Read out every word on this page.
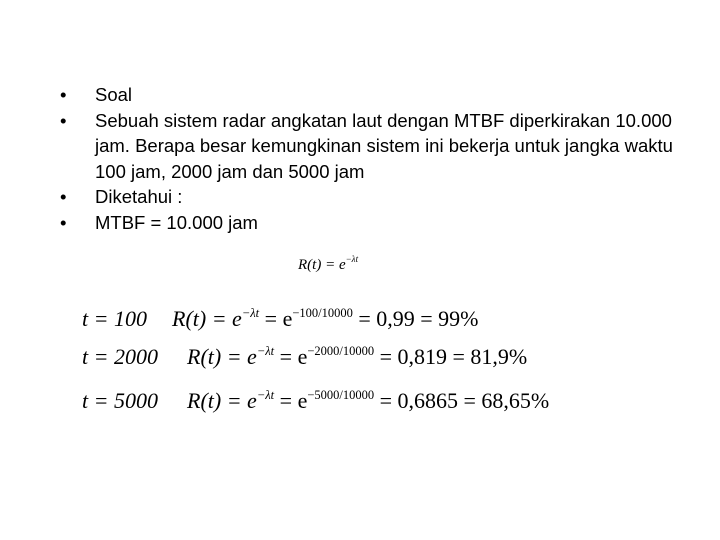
• Soal
• Sebuah sistem radar angkatan laut dengan MTBF diperkirakan 10.000 jam. Berapa besar kemungkinan sistem ini bekerja untuk jangka waktu 100 jam, 2000 jam dan 5000 jam
• Diketahui :
• MTBF = 10.000 jam
$R(t) = e^{-\lambda t}$
t = 100 $R(t) = e^{-\lambda t} = e^{-100/10000} = 0,99 = 99\%$
t = 2000 $R(t) = e^{-\lambda t} = e^{-2000/10000} = 0,819 = 81,9\%$
t = 5000 $R(t) = e^{-\lambda t} = e^{-5000/10000} = 0,6865 = 68,65\%$
